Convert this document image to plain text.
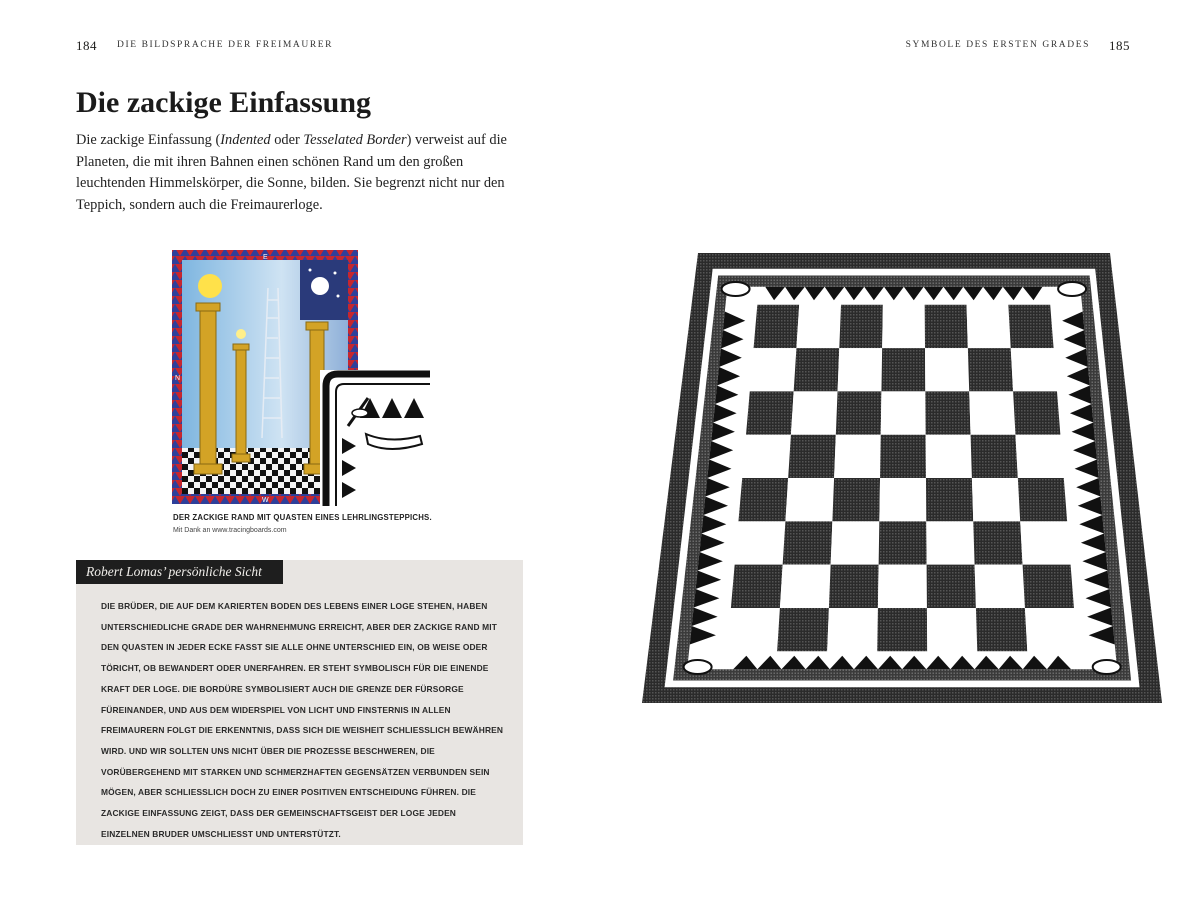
184 DIE BILDSPRACHE DER FREIMAURER	SYMBOLE DES ERSTEN GRADES 185
Die zackige Einfassung

Die zackige Einfassung (Indented oder Tesselated Border) verweist auf die Planeten, die mit ihren Bahnen einen schönen Rand um den großen leuchtenden Himmelskörper, die Sonne, bilden. Sie begrenzt nicht nur den Teppich, sondern auch die Freimaurerloge.

E
N
W
DER ZACKIGE RAND MIT QUASTEN EINES LEHRLINGSTEPPICHS.
Mit Dank an www.tracingboards.com
Robert Lomas’ persönliche Sicht

DIE BRÜDER, DIE AUF DEM KARIERTEN BODEN DES LEBENS EINER LOGE STEHEN, HABEN UNTERSCHIEDLICHE GRADE DER WAHRNEHMUNG ERREICHT, ABER DER ZACKIGE RAND MIT DEN QUASTEN IN JEDER ECKE FASST SIE ALLE OHNE UNTERSCHIED EIN, OB WEISE ODER TÖRICHT, OB BEWANDERT ODER UNERFAHREN. ER STEHT SYMBOLISCH FÜR DIE EINENDE KRAFT DER LOGE. DIE BORDÜRE SYMBOLISIERT AUCH DIE GRENZE DER FÜRSORGE FÜREINANDER, UND AUS DEM WIDERSPIEL VON LICHT UND FINSTERNIS IN ALLEN FREIMAURERN FOLGT DIE ERKENNTNIS, DASS SICH DIE WEISHEIT SCHLIESSLICH BEWÄHREN WIRD. UND WIR SOLLTEN UNS NICHT ÜBER DIE PROZESSE BESCHWEREN, DIE VORÜBERGEHEND MIT STARKEN UND SCHMERZHAFTEN GEGENSÄTZEN VERBUNDEN SEIN MÖGEN, ABER SCHLIESSLICH DOCH ZU EINER POSITIVEN ENTSCHEIDUNG FÜHREN. DIE ZACKIGE EINFASSUNG ZEIGT, DASS DER GEMEINSCHAFTSGEIST DER LOGE JEDEN EINZELNEN BRUDER UMSCHLIESST UND UNTERSTÜTZT.
